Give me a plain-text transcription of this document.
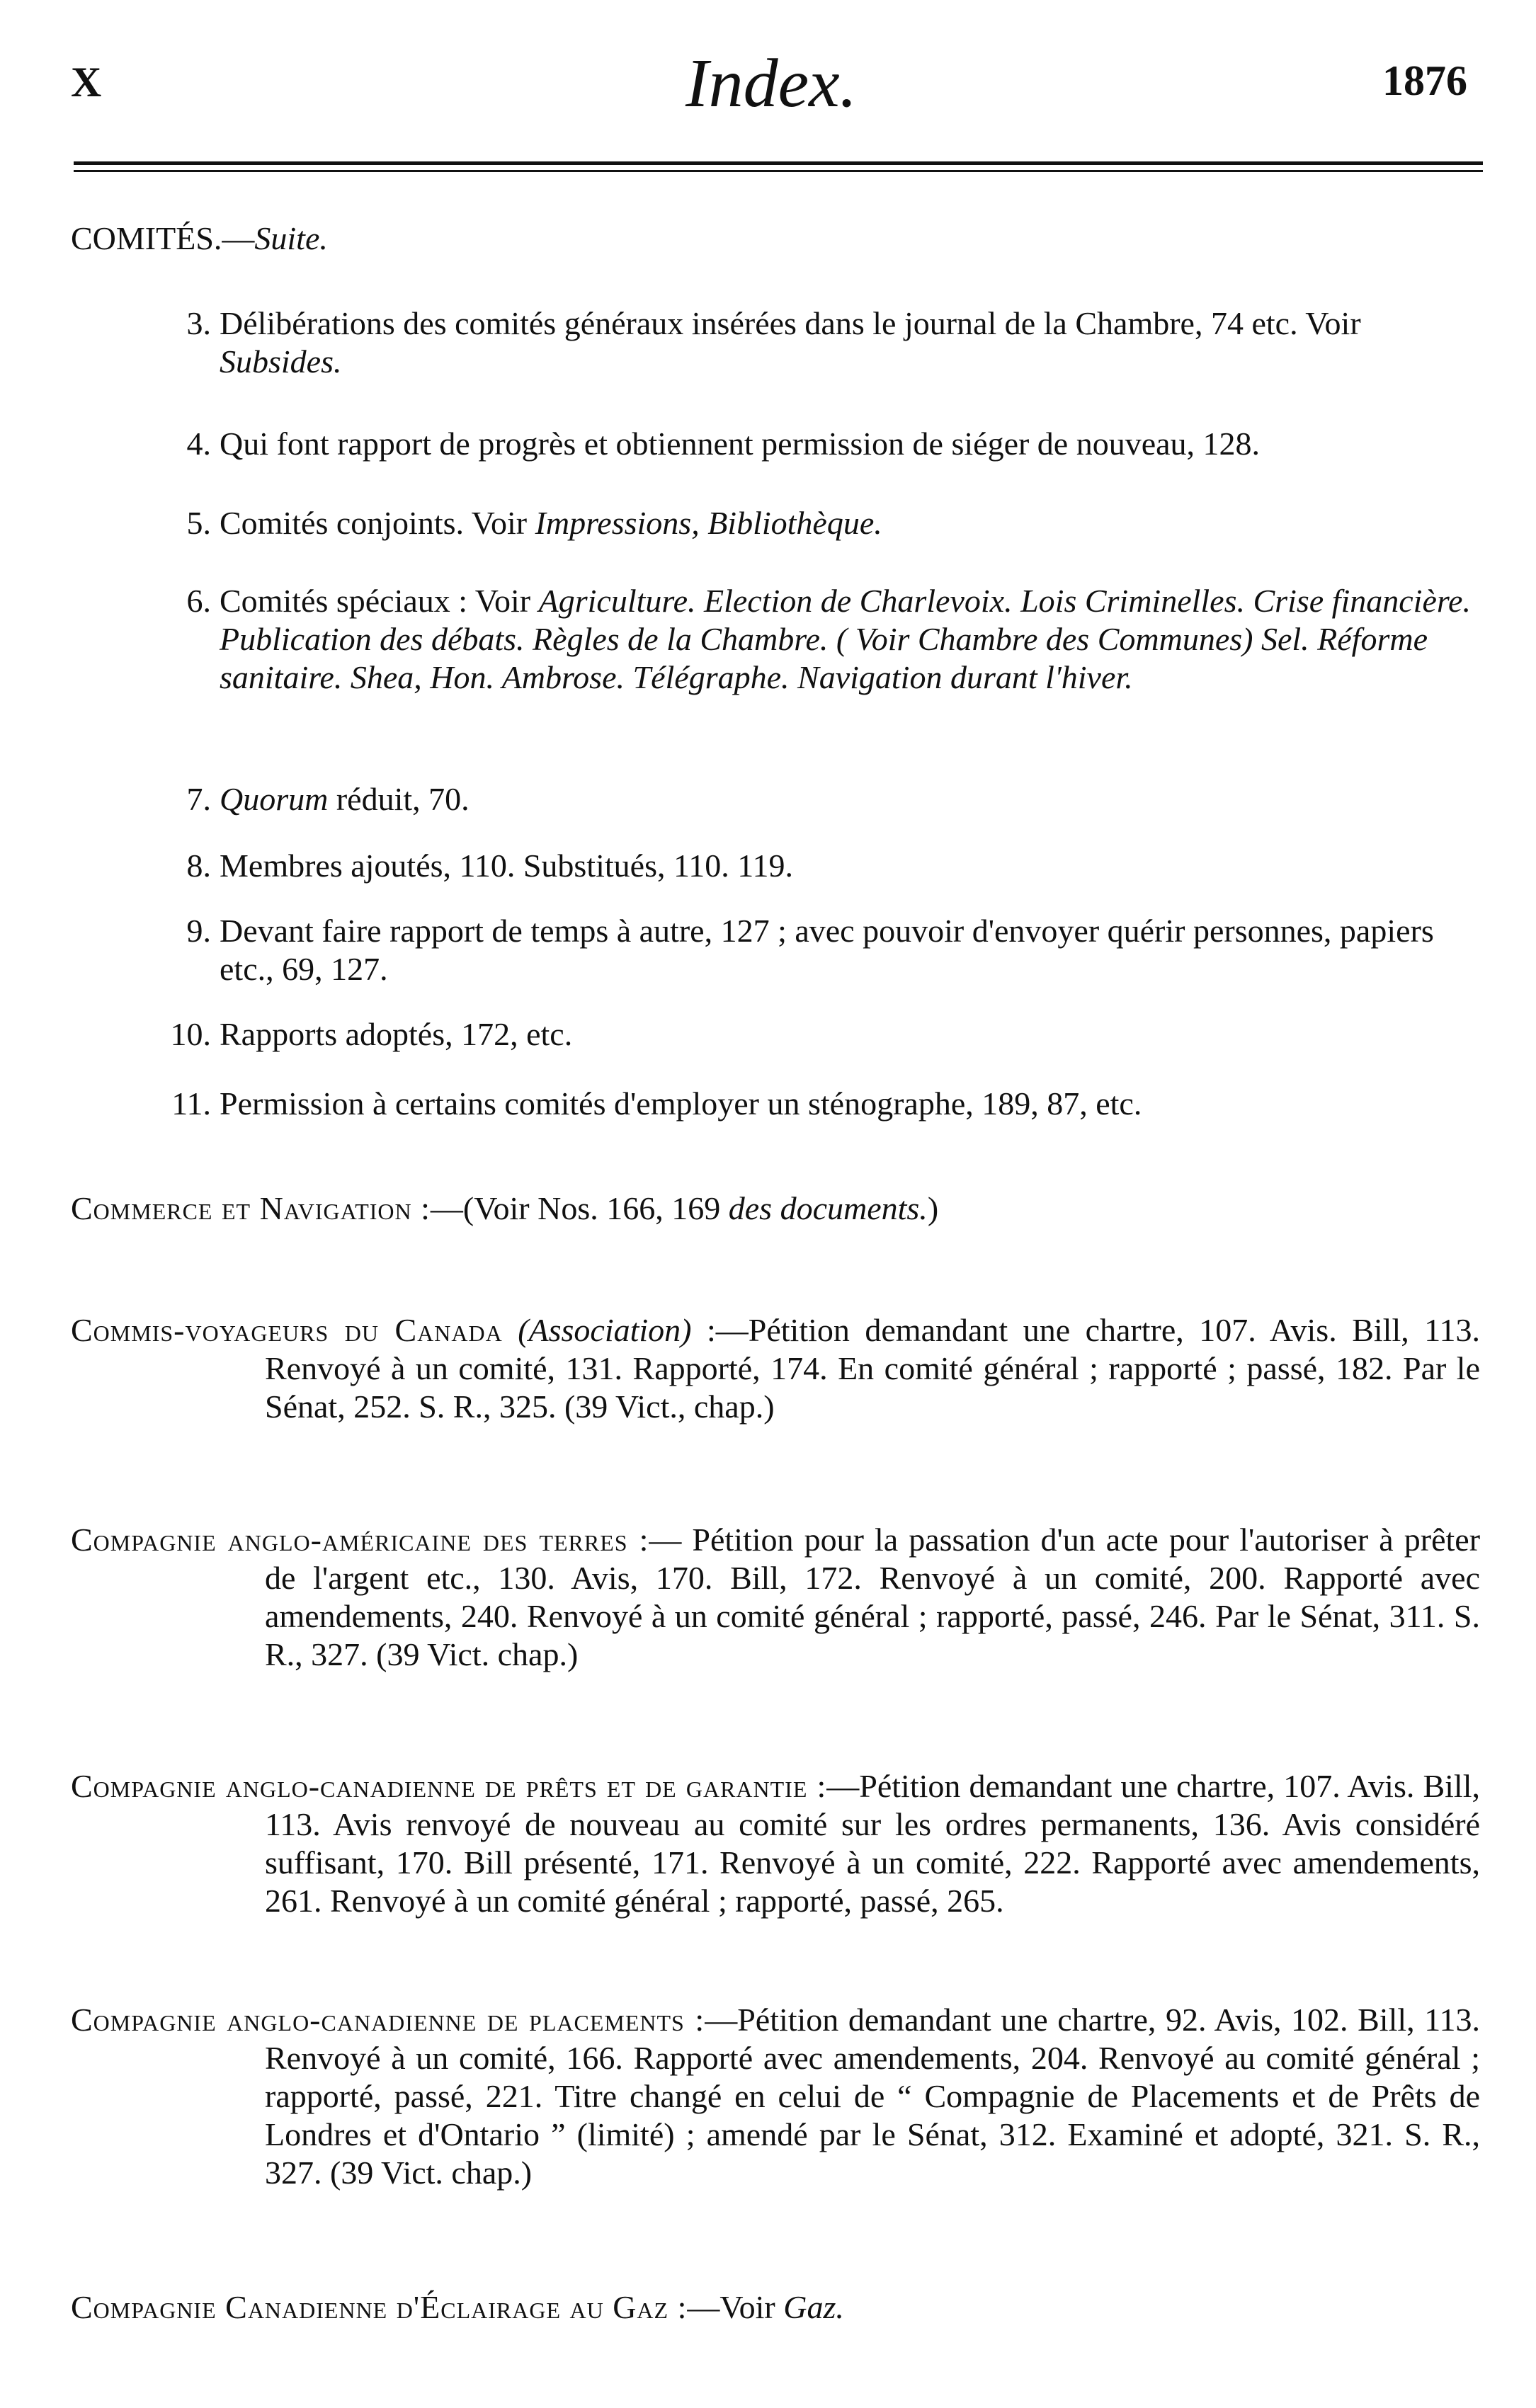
X	Index.	1876
COMITÉS.—Suite.
3. Délibérations des comités généraux insérées dans le journal de la Chambre, 74 etc. Voir Subsides.
4. Qui font rapport de progrès et obtiennent permission de siéger de nouveau, 128.
5. Comités conjoints. Voir Impressions, Bibliothèque.
6. Comités spéciaux : Voir Agriculture. Election de Charlevoix. Lois Criminelles. Crise financière. Publication des débats. Règles de la Chambre. ( Voir Chambre des Communes) Sel. Réforme sanitaire. Shea, Hon. Ambrose. Télégraphe. Navigation durant l'hiver.
7. Quorum réduit, 70.
8. Membres ajoutés, 110. Substitués, 110. 119.
9. Devant faire rapport de temps à autre, 127 ; avec pouvoir d'envoyer quérir personnes, papiers etc., 69, 127.
10. Rapports adoptés, 172, etc.
11. Permission à certains comités d'employer un sténographe, 189, 87, etc.
Commerce et Navigation :—(Voir Nos. 166, 169 des documents.)
Commis-voyageurs du Canada (Association) :—Pétition demandant une chartre, 107. Avis. Bill, 113. Renvoyé à un comité, 131. Rapporté, 174. En comité général ; rapporté ; passé, 182. Par le Sénat, 252. S. R., 325. (39 Vict., chap.)
Compagnie anglo-américaine des terres :— Pétition pour la passation d'un acte pour l'autoriser à prêter de l'argent etc., 130. Avis, 170. Bill, 172. Renvoyé à un comité, 200. Rapporté avec amendements, 240. Renvoyé à un comité général ; rapporté, passé, 246. Par le Sénat, 311. S. R., 327. (39 Vict. chap.)
Compagnie anglo-canadienne de prêts et de garantie :—Pétition demandant une chartre, 107. Avis. Bill, 113. Avis renvoyé de nouveau au comité sur les ordres permanents, 136. Avis considéré suffisant, 170. Bill présenté, 171. Renvoyé à un comité, 222. Rapporté avec amendements, 261. Renvoyé à un comité général ; rapporté, passé, 265.
Compagnie anglo-canadienne de placements :—Pétition demandant une chartre, 92. Avis, 102. Bill, 113. Renvoyé à un comité, 166. Rapporté avec amendements, 204. Renvoyé au comité général ; rapporté, passé, 221. Titre changé en celui de “ Compagnie de Placements et de Prêts de Londres et d'Ontario ” (limité) ; amendé par le Sénat, 312. Examiné et adopté, 321. S. R., 327. (39 Vict. chap.)
Compagnie Canadienne d'Éclairage au Gaz :—Voir Gaz.
